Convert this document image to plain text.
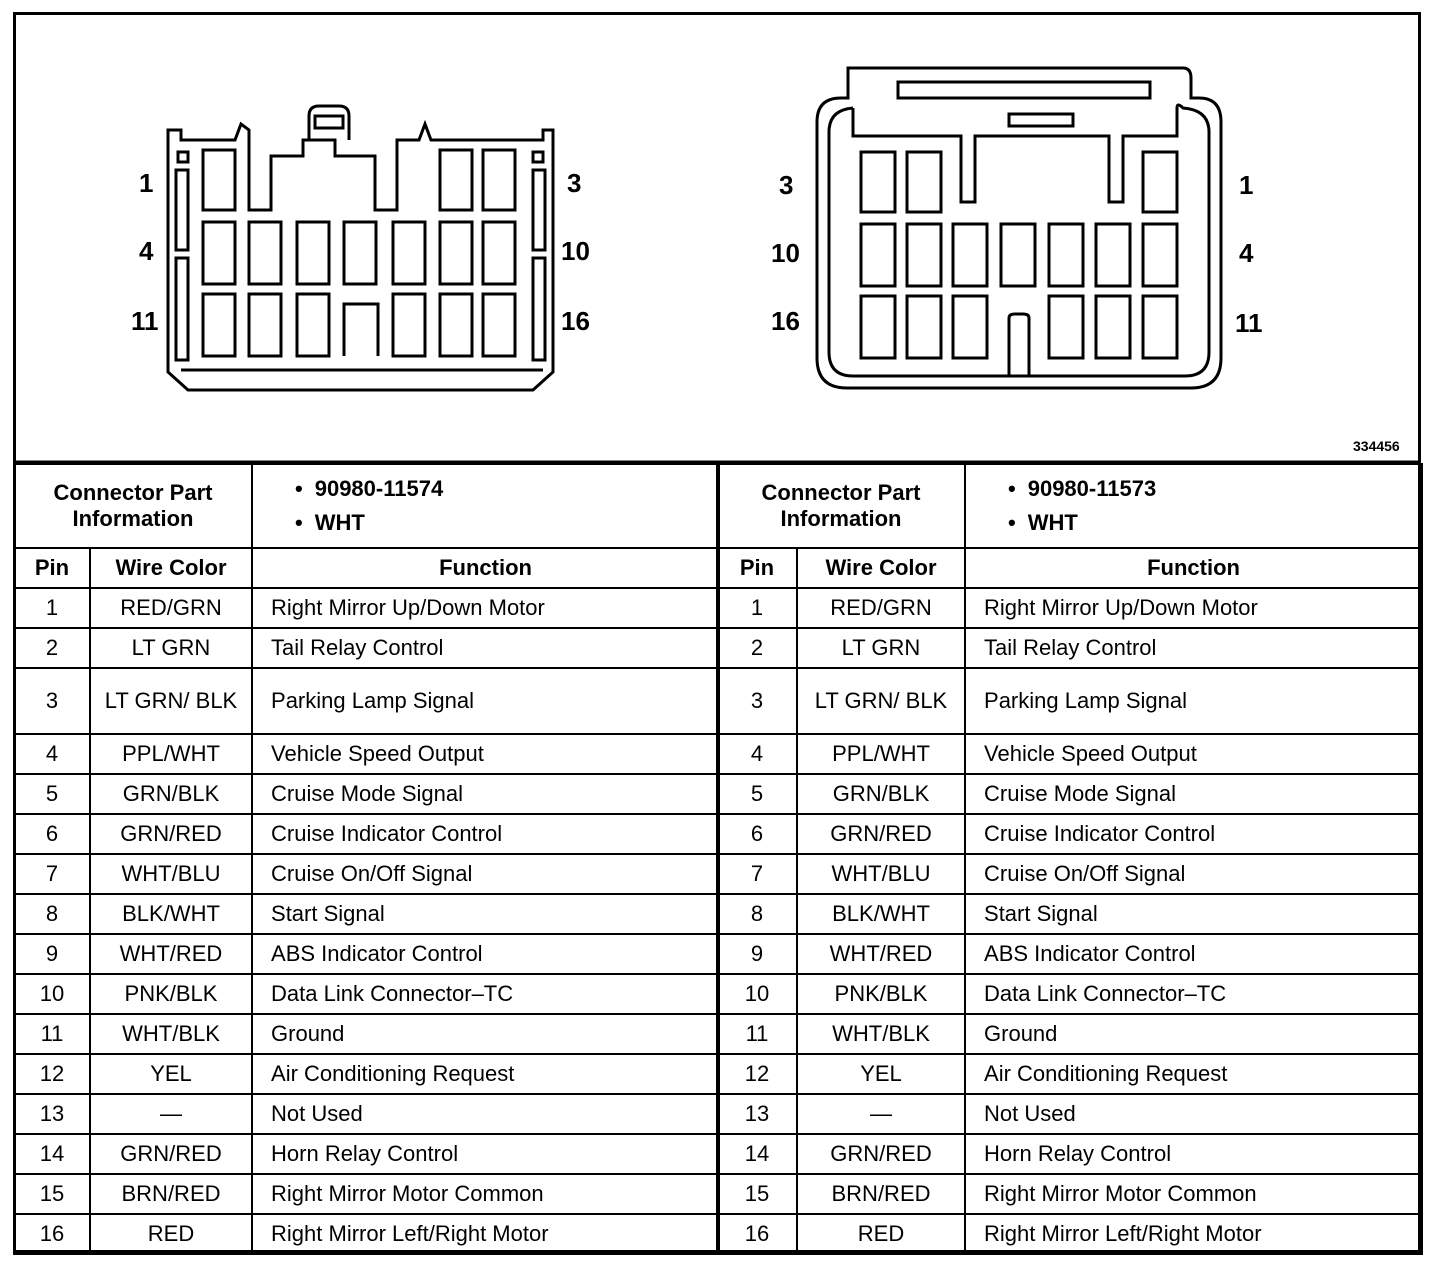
1
4
11
3
10
16
3
10
16
1
4
11
334456
Connector Part Information		• 90980-11574
• WHT

Pin	Wire Color	Function
1	RED/GRN	Right Mirror Up/Down Motor
2	LT GRN	Tail Relay Control
3	LT GRN/ BLK	Parking Lamp Signal
4	PPL/WHT	Vehicle Speed Output
5	GRN/BLK	Cruise Mode Signal
6	GRN/RED	Cruise Indicator Control
7	WHT/BLU	Cruise On/Off Signal
8	BLK/WHT	Start Signal
9	WHT/RED	ABS Indicator Control
10	PNK/BLK	Data Link Connector–TC
11	WHT/BLK	Ground
12	YEL	Air Conditioning Request
13	—	Not Used
14	GRN/RED	Horn Relay Control
15	BRN/RED	Right Mirror Motor Common
16	RED	Right Mirror Left/Right Motor
Connector Part Information		• 90980-11573
• WHT

Pin	Wire Color	Function
1	RED/GRN	Right Mirror Up/Down Motor
2	LT GRN	Tail Relay Control
3	LT GRN/ BLK	Parking Lamp Signal
4	PPL/WHT	Vehicle Speed Output
5	GRN/BLK	Cruise Mode Signal
6	GRN/RED	Cruise Indicator Control
7	WHT/BLU	Cruise On/Off Signal
8	BLK/WHT	Start Signal
9	WHT/RED	ABS Indicator Control
10	PNK/BLK	Data Link Connector–TC
11	WHT/BLK	Ground
12	YEL	Air Conditioning Request
13	—	Not Used
14	GRN/RED	Horn Relay Control
15	BRN/RED	Right Mirror Motor Common
16	RED	Right Mirror Left/Right Motor
